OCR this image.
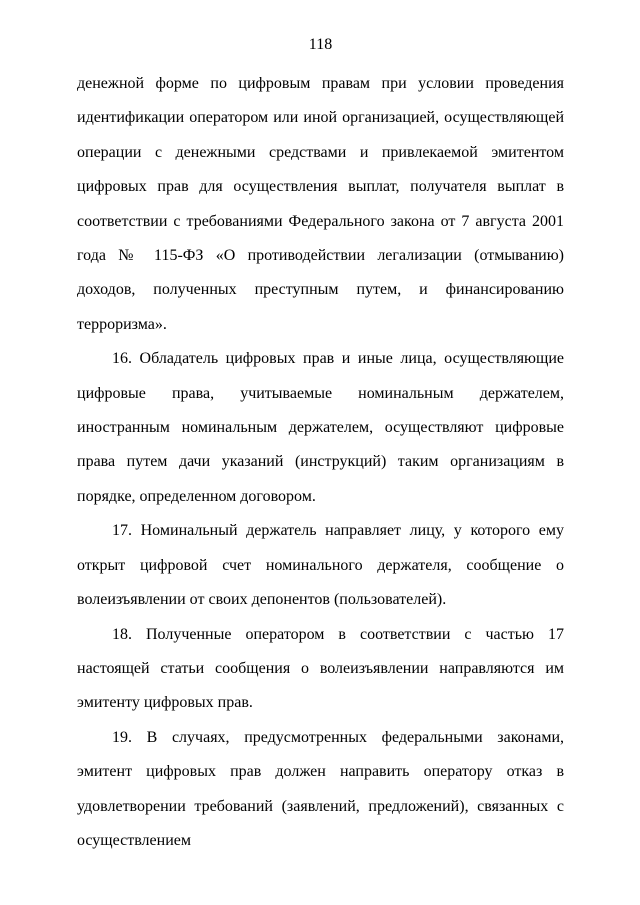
118

денежной форме по цифровым правам при условии проведения идентификации оператором или иной организацией, осуществляющей операции с денежными средствами и привлекаемой эмитентом цифровых прав для осуществления выплат, получателя выплат в соответствии с требованиями Федерального закона от 7 августа 2001 года № 115-ФЗ «О противодействии легализации (отмыванию) доходов, полученных преступным путем, и финансированию терроризма».

16. Обладатель цифровых прав и иные лица, осуществляющие цифровые права, учитываемые номинальным держателем, иностранным номинальным держателем, осуществляют цифровые права путем дачи указаний (инструкций) таким организациям в порядке, определенном договором.

17. Номинальный держатель направляет лицу, у которого ему открыт цифровой счет номинального держателя, сообщение о волеизъявлении от своих депонентов (пользователей).

18. Полученные оператором в соответствии с частью 17 настоящей статьи сообщения о волеизъявлении направляются им эмитенту цифровых прав.

19. В случаях, предусмотренных федеральными законами, эмитент цифровых прав должен направить оператору отказ в удовлетворении требований (заявлений, предложений), связанных с осуществлением
